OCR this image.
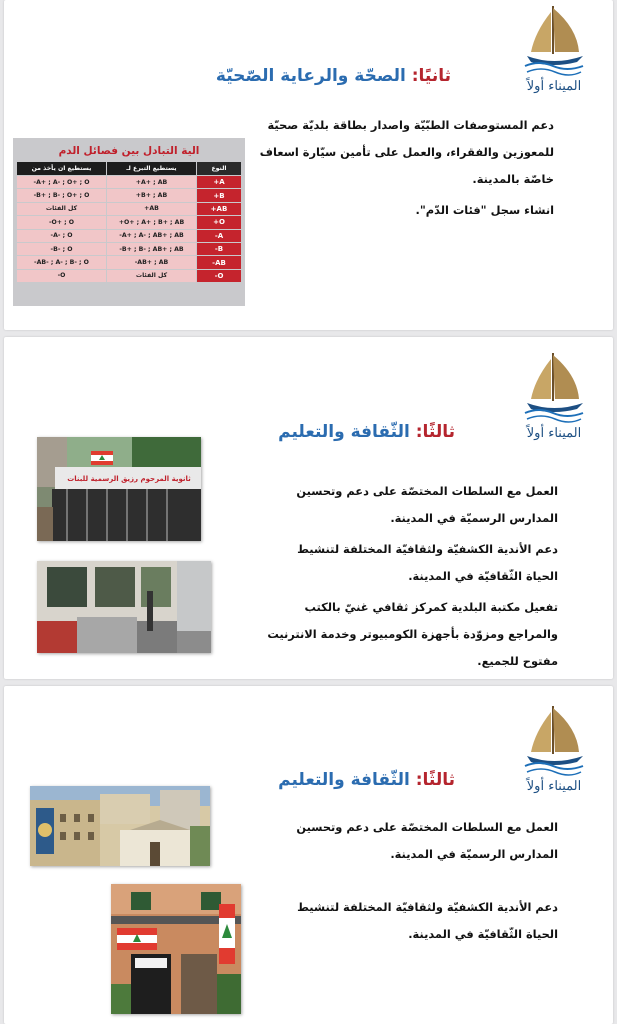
الميناء أولاً
ثانيًا: الصحّة والرعاية الصّحيّة

دعم المستوصفات الطبّيّة واصدار بطاقة بلديّة صحيّة للمعوزين والفقراء، والعمل على تأمين سيّارة اسعاف خاصّة بالمدينة.

انشاء سجل "فئات الدّم".

الية التبادل بين فصائل الدم
النوع	يستطيع التبرع لـ	يستطيع ان يأخذ من
A+	A+ ; AB+	A+ ; A- ; O+ ; O-
B+	B+ ; AB+	B+ ; B- ; O+ ; O-
AB+	AB+	كل الفئات
O+	O+ ; A+ ; B+ ; AB+	O+ ; O-
A-	A+ ; A- ; AB+ ; AB-	A- ; O-
B-	B+ ; B- ; AB+ ; AB-	B- ; O-
AB-	AB+ ; AB-	AB- ; A- ; B- ; O-
O-	كل الفئات	O-
الميناء أولاً
ثالثًا: الثّقافة والتعليم

العمل مع السلطات المختصّة على دعم وتحسين المدارس الرسميّة في المدينة.

دعم الأندية الكشفيّة ولثقافيّة المختلفة لتنشيط الحياة الثّقافيّة في المدينة.

تفعيل مكتبة البلدية كمركز ثقافي غنيّ بالكتب والمراجع ومزوّدة بأجهزة الكومبيوتر وخدمة الانترنيت مفتوح للجميع.

ثانوية المرحوم رزيق الرسمية للبنات
الميناء أولاً
ثالثًا: الثّقافة والتعليم

العمل مع السلطات المختصّة على دعم وتحسين المدارس الرسميّة في المدينة.

دعم الأندية الكشفيّة ولثقافيّة المختلفة لتنشيط الحياة الثّقافيّة في المدينة.
